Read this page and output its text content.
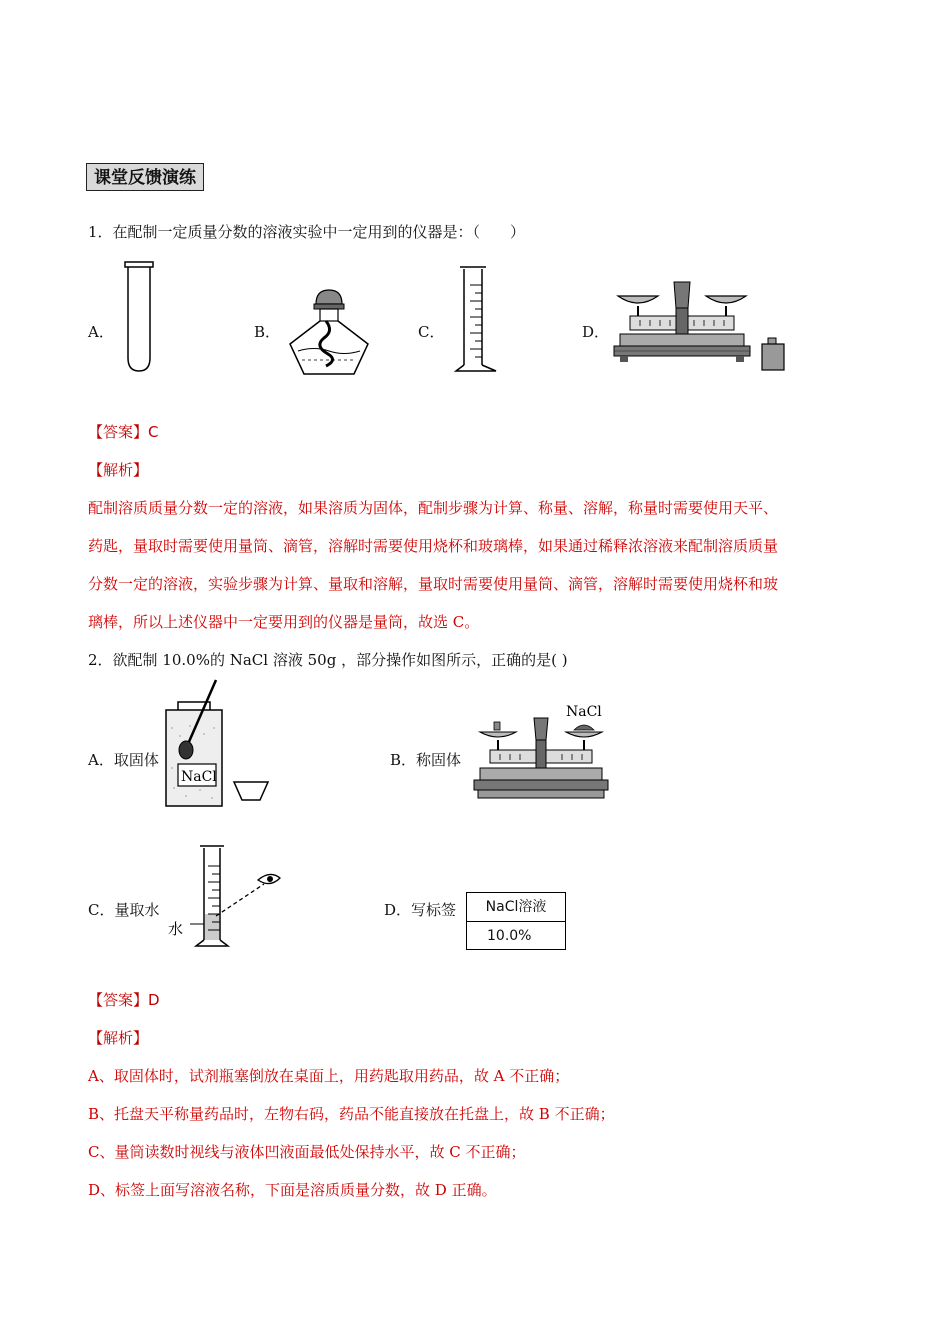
课堂反馈演练
1．在配制一定质量分数的溶液实验中一定用到的仪器是：（　　）
A．	B．	C．	D．
【答案】C
【解析】
配制溶质质量分数一定的溶液，如果溶质为固体，配制步骤为计算、称量、溶解，称量时需要使用天平、
药匙，量取时需要使用量筒、滴管，溶解时需要使用烧杯和玻璃棒，如果通过稀释浓溶液来配制溶质质量
分数一定的溶液，实验步骤为计算、量取和溶解，量取时需要使用量筒、滴管，溶解时需要使用烧杯和玻
璃棒，所以上述仪器中一定要用到的仪器是量筒，故选 C。
2．欲配制 10.0%的 NaCl 溶液 50g ，部分操作如图所示，正确的是( )
A．取固体	B．称固体
NaCl
NaCl
C．量取水	D．写标签
水
NaCl溶液
10.0%
【答案】D
【解析】
A、取固体时，试剂瓶塞倒放在桌面上，用药匙取用药品，故 A 不正确；
B、托盘天平称量药品时，左物右码，药品不能直接放在托盘上，故 B 不正确；
C、量筒读数时视线与液体凹液面最低处保持水平，故 C 不正确；
D、标签上面写溶液名称，下面是溶质质量分数，故 D 正确。
